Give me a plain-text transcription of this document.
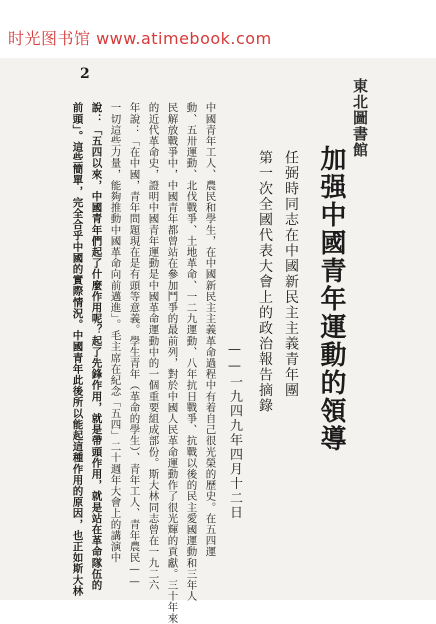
时光图书馆 www.atimebook.com
2
東北圖書館
加强中國青年運動的領導
任弼時同志在中國新民主主義青年團
第一次全國代表大會上的政治報告摘錄
——一九四九年四月十二日
中國青年工人、農民和學生，在中國新民主主義革命過程中有着自己很光榮的歷史。在五四運
動、五卅運動、北伐戰爭、土地革命、一二九運動、八年抗日戰爭、抗戰以後的民主愛國運動和三年人
民解放戰爭中，中國青年都曾站在參加鬥爭的最前列，對於中國人民革命運動作了很光輝的貢獻。三十年來
的近代革命史，證明中國青年運動是中國革命運動中的一個重要組成部份。斯大林同志曾在一九二六
年說：「在中國，青年問題現在是有頭等意義。學生青年（革命的學生）、青年工人、青年農民——
一切這些力量，能夠推動中國革命向前邁進」。毛主席在紀念「五四」二十週年大會上的講演中
說：「五四以來，中國青年們起了什麼作用呢？起了先鋒作用，就是帶頭作用，就是站在革命隊伍的
前頭」。這些簡單，完全合乎中國的實際情況。中國青年此後所以能起這種作用的原因，也正如斯大林
